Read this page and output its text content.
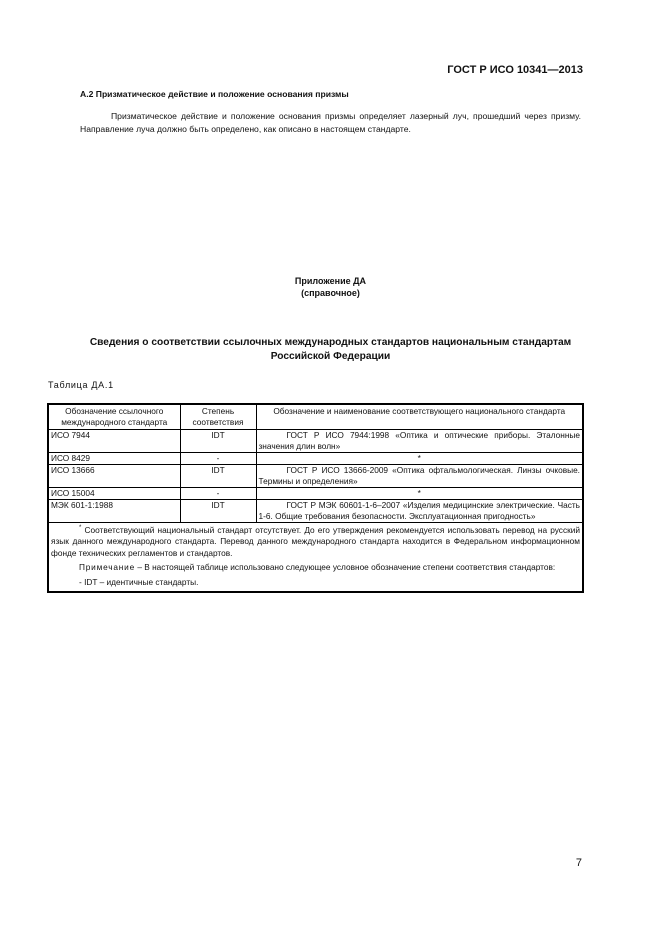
ГОСТ Р ИСО 10341—2013
А.2 Призматическое действие и положение основания призмы

Призматическое действие и положение основания призмы определяет лазерный луч, прошедший через призму. Направление луча должно быть определено, как описано в настоящем стандарте.

Приложение ДА
(справочное)
Сведения о соответствии ссылочных международных стандартов национальным стандартам
Российской Федерации
Таблица ДА.1
Обозначение ссылочного международного стандарта	Степень соответствия	Обозначение и наименование соответствующего национального стандарта
ИСО 7944	IDT	ГОСТ Р ИСО 7944:1998 «Оптика и оптические приборы. Эталонные значения длин волн»
ИСО 8429	-	*
ИСО 13666	IDT	ГОСТ Р ИСО 13666-2009 «Оптика офтальмологическая. Линзы очковые. Термины и определения»
ИСО 15004	-	*
МЭК 601-1:1988	IDT	ГОСТ Р МЭК 60601-1-6–2007 «Изделия медицинские электрические. Часть 1-6. Общие требования безопасности. Эксплуатационная пригодность»

* Соответствующий национальный стандарт отсутствует. До его утверждения рекомендуется использовать перевод на русский язык данного международного стандарта. Перевод данного международного стандарта находится в Федеральном информационном фонде технических регламентов и стандартов.

Примечание – В настоящей таблице использовано следующее условное обозначение степени соответствия стандартов:

- IDT – идентичные стандарты.		

7
